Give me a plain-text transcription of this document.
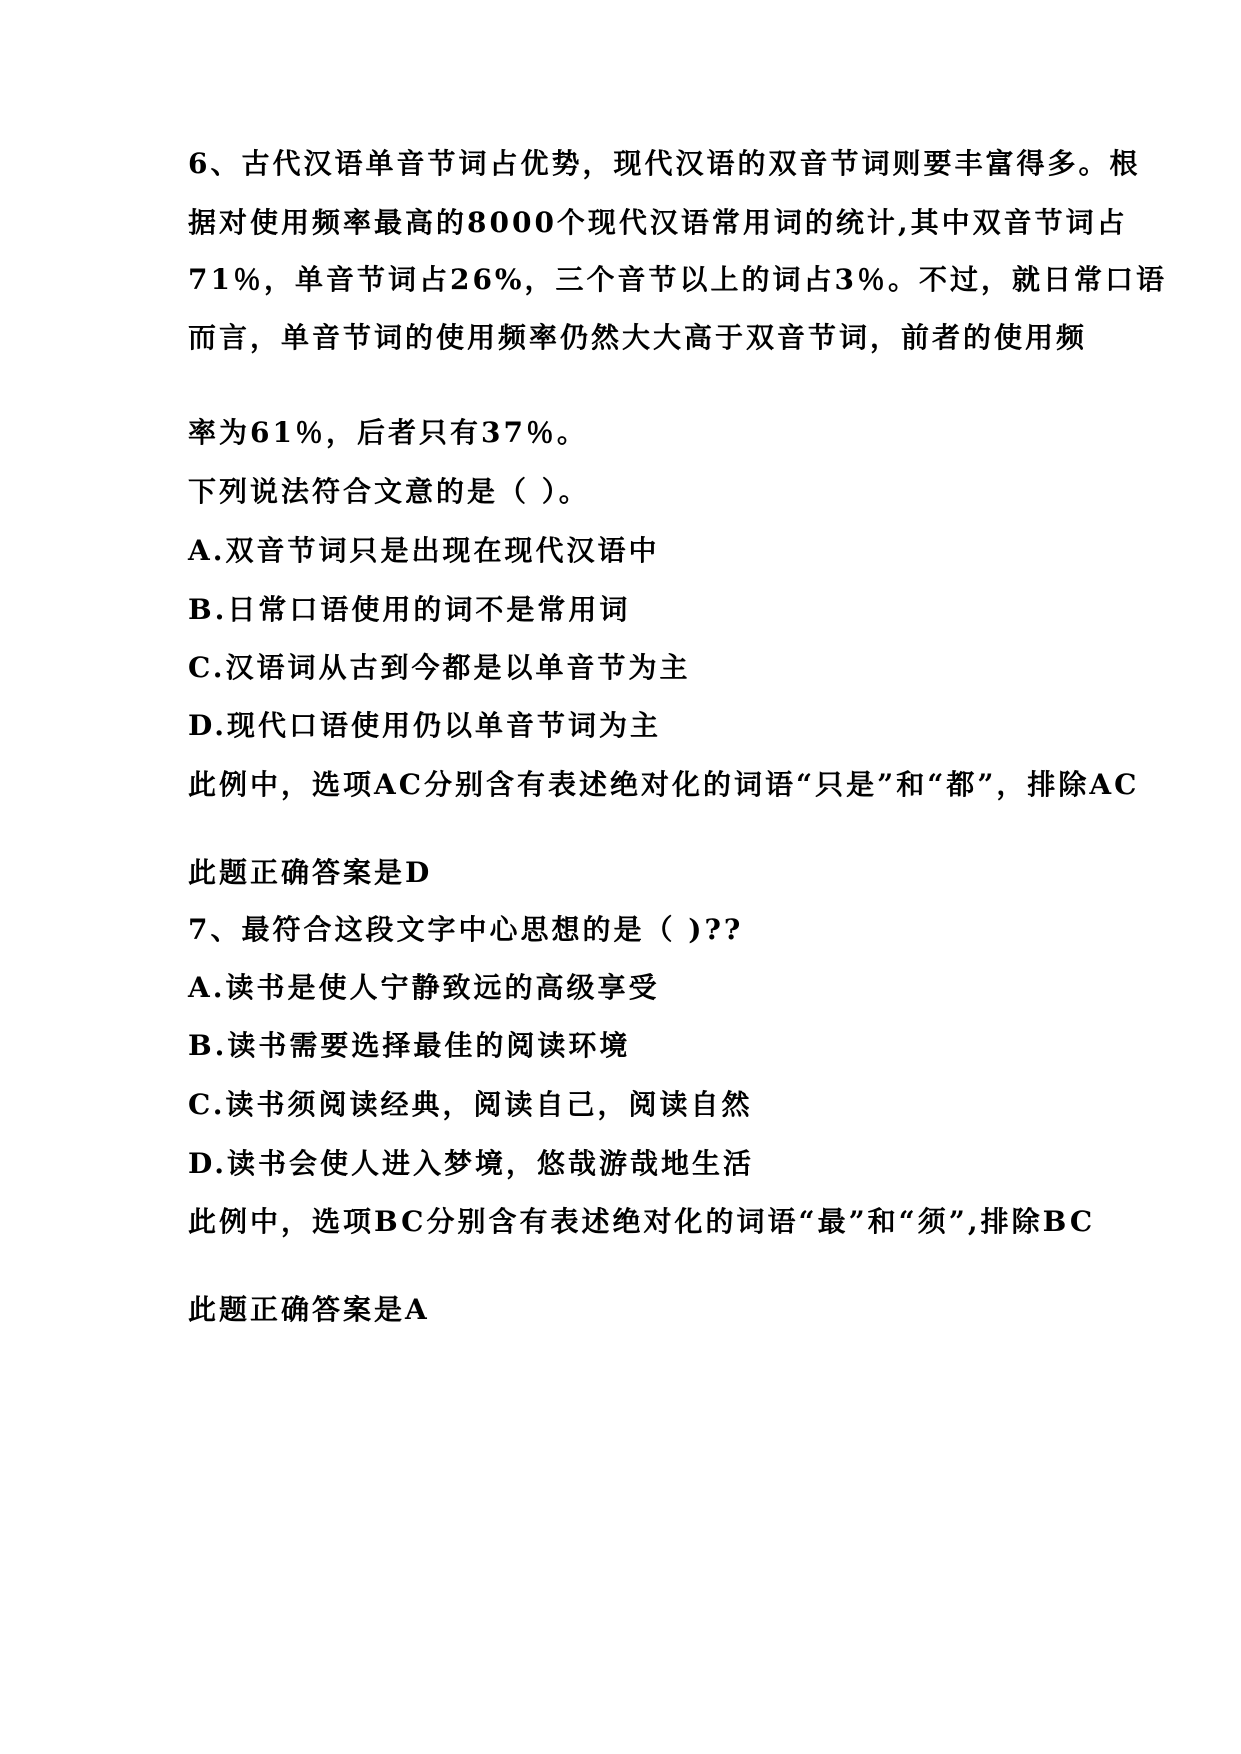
6、古代汉语单音节词占优势，现代汉语的双音节词则要丰富得多。根
据对使用频率最高的8000个现代汉语常用词的统计,其中双音节词占
71％，单音节词占26%，三个音节以上的词占3％。不过，就日常口语
而言，单音节词的使用频率仍然大大高于双音节词，前者的使用频
率为61％，后者只有37％。
下列说法符合文意的是（ ）。
A.双音节词只是出现在现代汉语中
B.日常口语使用的词不是常用词
C.汉语词从古到今都是以单音节为主
D.现代口语使用仍以单音节词为主
此例中，选项AC分别含有表述绝对化的词语“只是”和“都”，排除AC
此题正确答案是D
7、最符合这段文字中心思想的是（ )??
A.读书是使人宁静致远的高级享受
B.读书需要选择最佳的阅读环境
C.读书须阅读经典，阅读自己，阅读自然
D.读书会使人进入梦境，悠哉游哉地生活
此例中，选项BC分别含有表述绝对化的词语“最”和“须”,排除BC
此题正确答案是A
